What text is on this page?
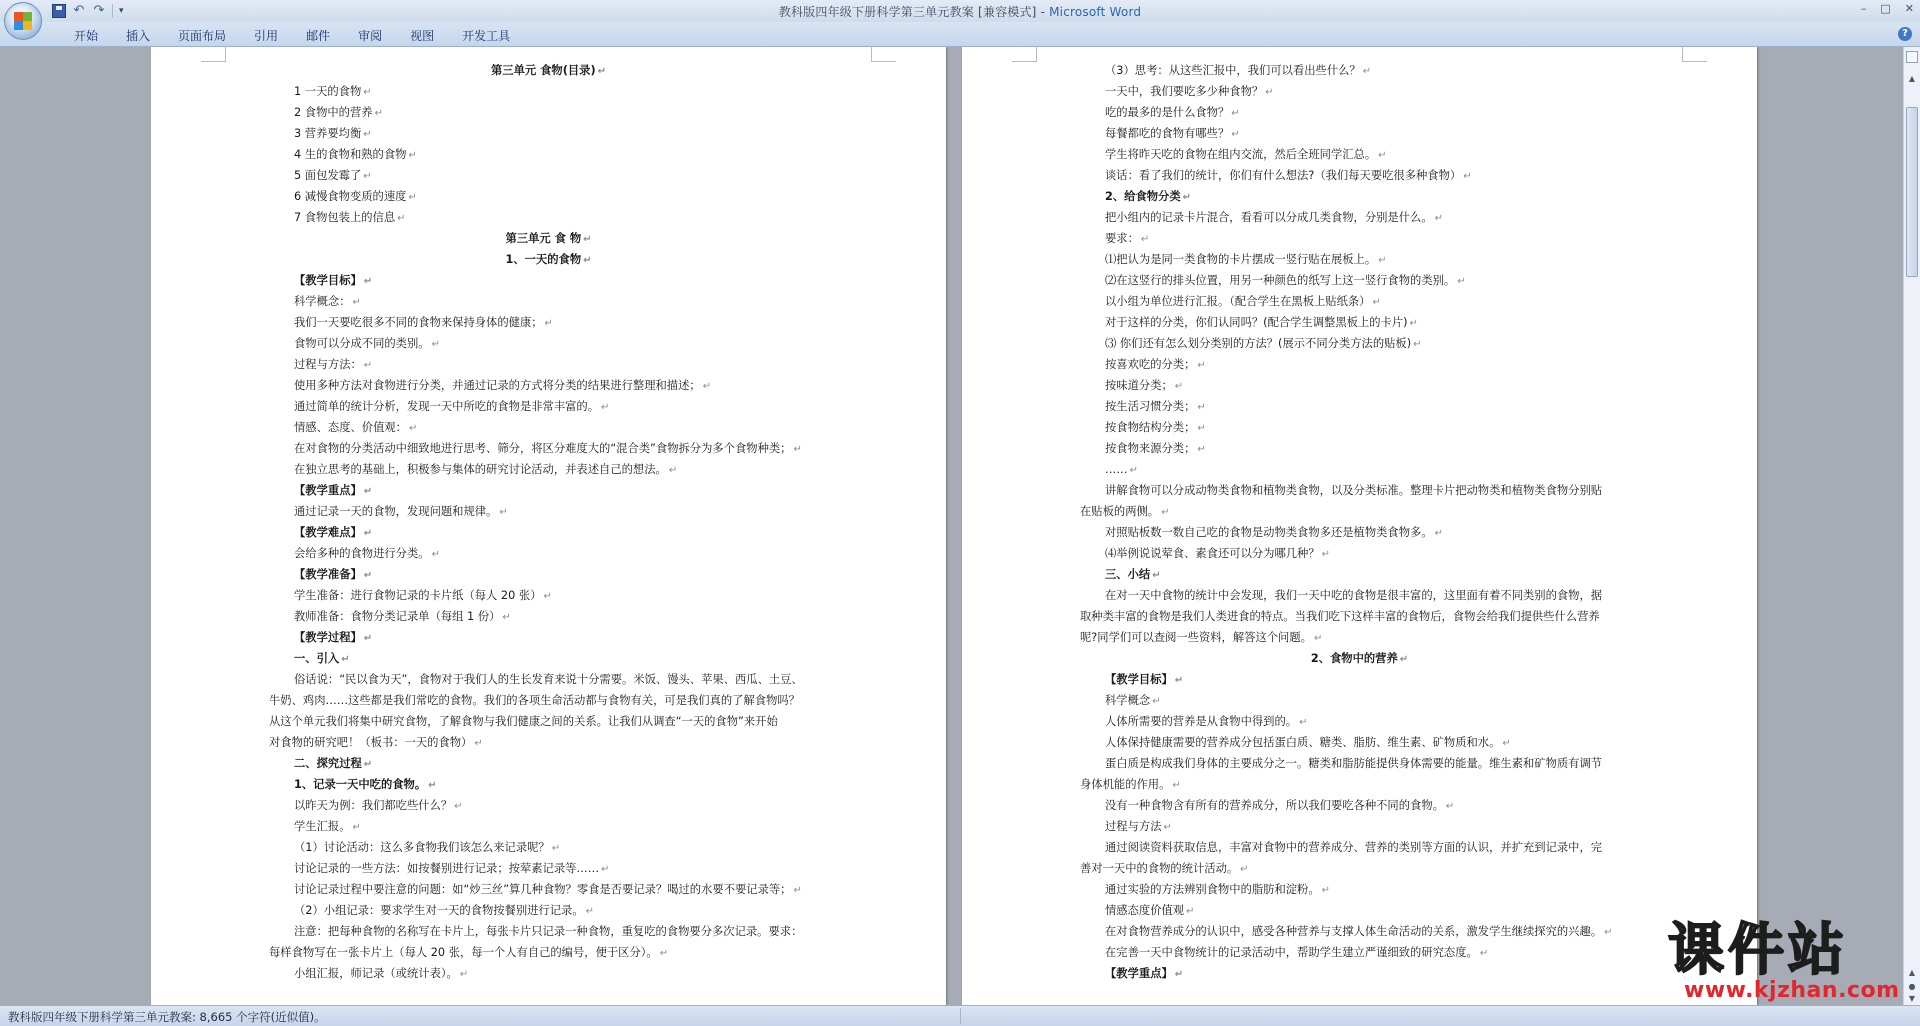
↶ ↷ ▾	教科版四年级下册科学第三单元教案 [兼容模式] - Microsoft Word	– □ ✕
开始	插入	页面布局	引用	邮件	审阅	视图	开发工具	?
第三单元 食物(目录) ↵
1 一天的食物 ↵
2 食物中的营养 ↵
3 营养要均衡 ↵
4 生的食物和熟的食物 ↵
5 面包发霉了 ↵
6 减慢食物变质的速度 ↵
7 食物包装上的信息 ↵
第三单元 食 物 ↵
1、一天的食物 ↵
【教学目标】 ↵
科学概念： ↵
我们一天要吃很多不同的食物来保持身体的健康； ↵
食物可以分成不同的类别。 ↵
过程与方法： ↵
使用多种方法对食物进行分类，并通过记录的方式将分类的结果进行整理和描述； ↵
通过简单的统计分析，发现一天中所吃的食物是非常丰富的。 ↵
情感、态度、价值观： ↵
在对食物的分类活动中细致地进行思考、筛分，将区分难度大的“混合类”食物拆分为多个食物种类； ↵
在独立思考的基础上，积极参与集体的研究讨论活动，并表述自己的想法。 ↵
【教学重点】 ↵
通过记录一天的食物，发现问题和规律。 ↵
【教学难点】 ↵
会给多种的食物进行分类。 ↵
【教学准备】 ↵
学生准备：进行食物记录的卡片纸（每人 20 张） ↵
教师准备：食物分类记录单（每组 1 份） ↵
【教学过程】 ↵
一、引入 ↵
俗话说：“民以食为天”，食物对于我们人的生长发育来说十分需要。米饭、馒头、苹果、西瓜、土豆、
牛奶、鸡肉……这些都是我们常吃的食物。我们的各项生命活动都与食物有关，可是我们真的了解食物吗？
从这个单元我们将集中研究食物，了解食物与我们健康之间的关系。让我们从调查“一天的食物”来开始
对食物的研究吧！（板书：一天的食物） ↵
二、探究过程 ↵
1、记录一天中吃的食物。 ↵
以昨天为例：我们都吃些什么？ ↵
学生汇报。 ↵
（1）讨论活动：这么多食物我们该怎么来记录呢？ ↵
讨论记录的一些方法：如按餐别进行记录；按荤素记录等…… ↵
讨论记录过程中要注意的问题：如“炒三丝”算几种食物？零食是否要记录？喝过的水要不要记录等； ↵
（2）小组记录：要求学生对一天的食物按餐别进行记录。 ↵
注意：把每种食物的名称写在卡片上，每张卡片只记录一种食物，重复吃的食物要分多次记录。要求：
每样食物写在一张卡片上（每人 20 张，每一个人有自己的编号，便于区分）。 ↵
小组汇报，师记录（或统计表）。 ↵
（3）思考：从这些汇报中，我们可以看出些什么？ ↵
一天中，我们要吃多少种食物？ ↵
吃的最多的是什么食物？ ↵
每餐都吃的食物有哪些？ ↵
学生将昨天吃的食物在组内交流，然后全班同学汇总。 ↵
谈话：看了我们的统计，你们有什么想法?（我们每天要吃很多种食物） ↵
2、给食物分类 ↵
把小组内的记录卡片混合，看看可以分成几类食物，分别是什么。 ↵
要求： ↵
⑴把认为是同一类食物的卡片摆成一竖行贴在展板上。 ↵
⑵在这竖行的排头位置，用另一种颜色的纸写上这一竖行食物的类别。 ↵
以小组为单位进行汇报。（配合学生在黑板上贴纸条） ↵
对于这样的分类，你们认同吗？(配合学生调整黑板上的卡片) ↵
⑶ 你们还有怎么划分类别的方法？(展示不同分类方法的贴板) ↵
按喜欢吃的分类； ↵
按味道分类； ↵
按生活习惯分类； ↵
按食物结构分类； ↵
按食物来源分类； ↵
…… ↵
讲解食物可以分成动物类食物和植物类食物，以及分类标准。整理卡片把动物类和植物类食物分别贴
在贴板的两侧。 ↵
对照贴板数一数自己吃的食物是动物类食物多还是植物类食物多。 ↵
⑷举例说说荤食、素食还可以分为哪几种？ ↵
三、小结 ↵
在对一天中食物的统计中会发现，我们一天中吃的食物是很丰富的，这里面有着不同类别的食物，据
取种类丰富的食物是我们人类进食的特点。当我们吃下这样丰富的食物后，食物会给我们提供些什么营养
呢?同学们可以查阅一些资料，解答这个问题。 ↵
2、食物中的营养 ↵
【教学目标】 ↵
科学概念 ↵
人体所需要的营养是从食物中得到的。 ↵
人体保持健康需要的营养成分包括蛋白质、糖类、脂肪、维生素、矿物质和水。 ↵
蛋白质是构成我们身体的主要成分之一。糖类和脂肪能提供身体需要的能量。维生素和矿物质有调节
身体机能的作用。 ↵
没有一种食物含有所有的营养成分，所以我们要吃各种不同的食物。 ↵
过程与方法 ↵
通过阅读资料获取信息，丰富对食物中的营养成分、营养的类别等方面的认识，并扩充到记录中，完
善对一天中的食物的统计活动。 ↵
通过实验的方法辨别食物中的脂肪和淀粉。 ↵
情感态度价值观 ↵
在对食物营养成分的认识中，感受各种营养与支撑人体生命活动的关系，激发学生继续探究的兴趣。 ↵
在完善一天中食物统计的记录活动中，帮助学生建立严谨细致的研究态度。 ↵
【教学重点】 ↵
▲
▲
●
▼
教科版四年级下册科学第三单元教案: 8,665 个字符(近似值)。
课件站
www.kjzhan.com
